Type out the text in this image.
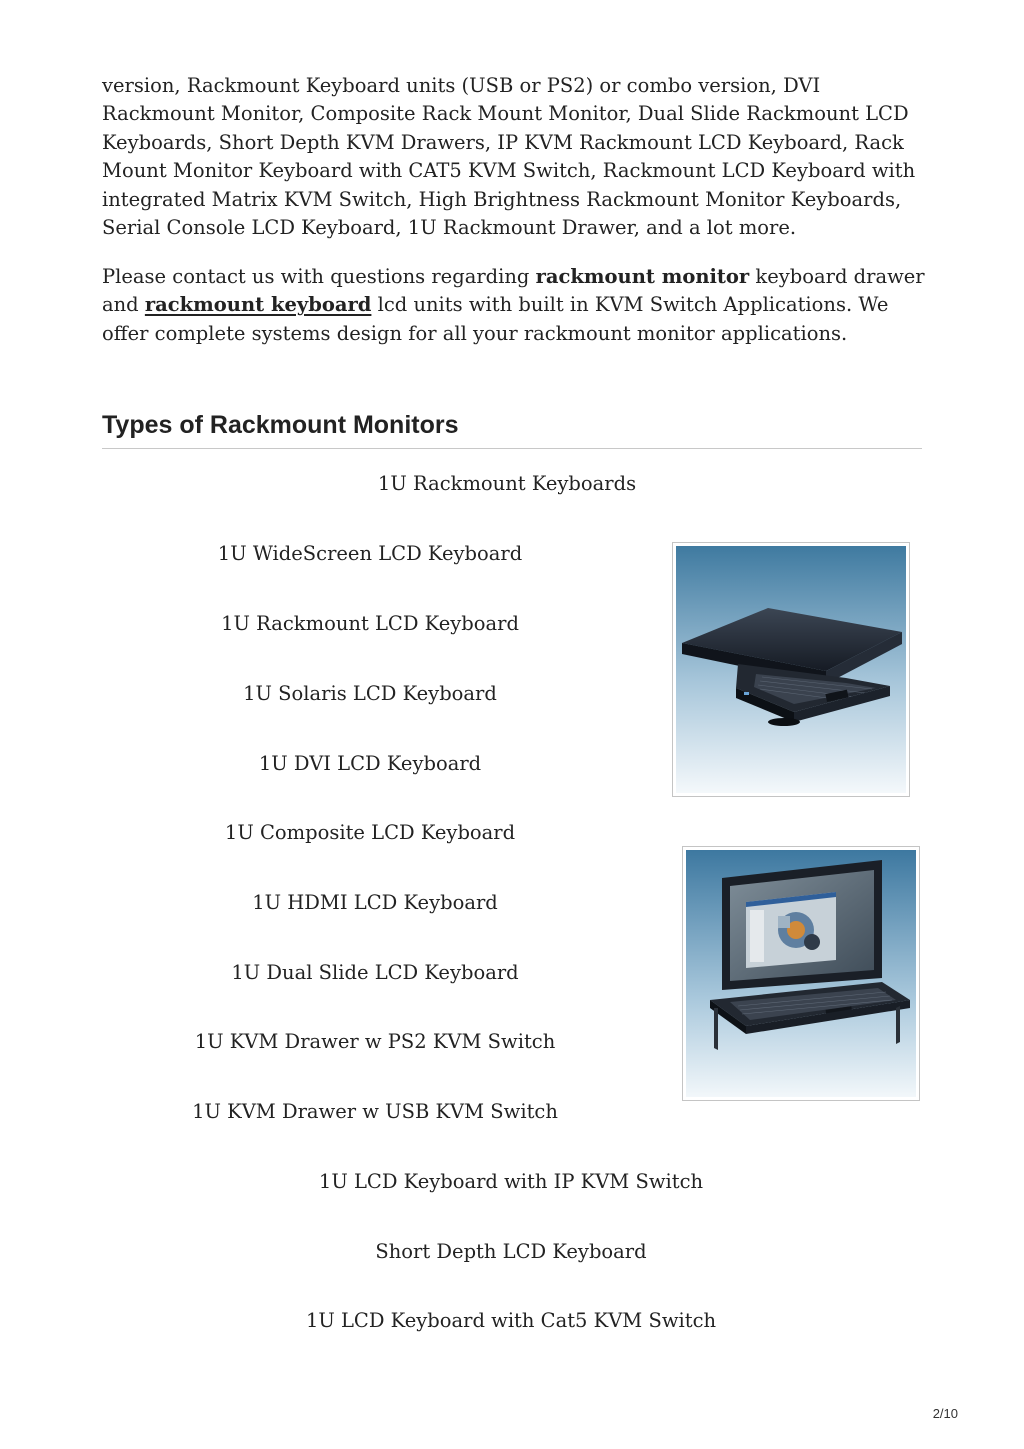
version, Rackmount Keyboard units (USB or PS2) or combo version, DVI Rackmount Monitor, Composite Rack Mount Monitor, Dual Slide Rackmount LCD Keyboards, Short Depth KVM Drawers, IP KVM Rackmount LCD Keyboard, Rack Mount Monitor Keyboard with CAT5 KVM Switch, Rackmount LCD Keyboard with integrated Matrix KVM Switch, High Brightness Rackmount Monitor Keyboards, Serial Console LCD Keyboard, 1U Rackmount Drawer, and a lot more.

Please contact us with questions regarding rackmount monitor keyboard drawer and rackmount keyboard lcd units with built in KVM Switch Applications. We offer complete systems design for all your rackmount monitor applications.

Types of Rackmount Monitors
1U Rackmount Keyboards
1U WideScreen LCD Keyboard
1U Rackmount LCD Keyboard
1U Solaris LCD Keyboard
1U DVI LCD Keyboard
1U Composite LCD Keyboard
1U HDMI LCD Keyboard
1U Dual Slide LCD Keyboard
1U KVM Drawer w PS2 KVM Switch
1U KVM Drawer w USB KVM Switch
1U LCD Keyboard with IP KVM Switch
Short Depth LCD Keyboard
1U LCD Keyboard with Cat5 KVM Switch
2/10
